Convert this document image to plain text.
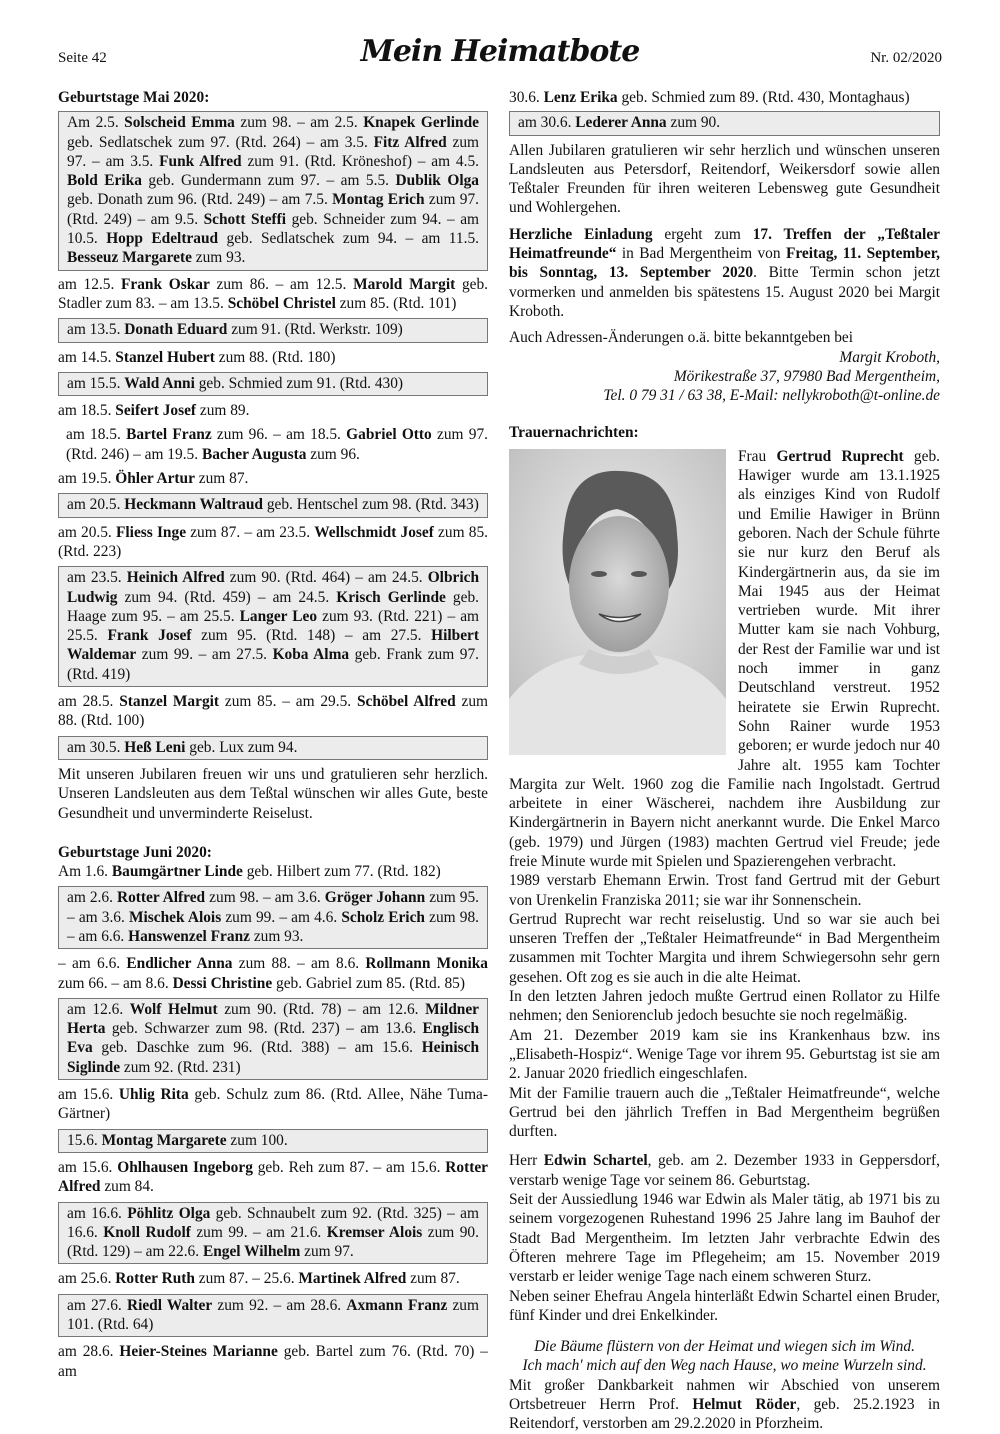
Seite 42	Mein Heimatbote	Nr. 02/2020

Geburtstage Mai 2020:

Am 2.5. Solscheid Emma zum 98. – am 2.5. Knapek Gerlinde geb. Sedlatschek zum 97. (Rtd. 264) – am 3.5. Fitz Alfred zum 97. – am 3.5. Funk Alfred zum 91. (Rtd. Kröneshof) – am 4.5. Bold Erika geb. Gundermann zum 97. – am 5.5. Dublik Olga geb. Donath zum 96. (Rtd. 249) – am 7.5. Montag Erich zum 97. (Rtd. 249) – am 9.5. Schott Steffi geb. Schneider zum 94. – am 10.5. Hopp Edeltraud geb. Sedlatschek zum 94. – am 11.5. Besseuz Margarete zum 93.

am 12.5. Frank Oskar zum 86. – am 12.5. Marold Margit geb. Stadler zum 83. – am 13.5. Schöbel Christel zum 85. (Rtd. 101)

am 13.5. Donath Eduard zum 91. (Rtd. Werkstr. 109)

am 14.5. Stanzel Hubert zum 88. (Rtd. 180)

am 15.5. Wald Anni geb. Schmied zum 91. (Rtd. 430)

am 18.5. Seifert Josef zum 89.

am 18.5. Bartel Franz zum 96. – am 18.5. Gabriel Otto zum 97. (Rtd. 246) – am 19.5. Bacher Augusta zum 96.

am 19.5. Öhler Artur zum 87.

am 20.5. Heckmann Waltraud geb. Hentschel zum 98. (Rtd. 343)

am 20.5. Fliess Inge zum 87. – am 23.5. Wellschmidt Josef zum 85. (Rtd. 223)

am 23.5. Heinich Alfred zum 90. (Rtd. 464) – am 24.5. Olbrich Ludwig zum 94. (Rtd. 459) – am 24.5. Krisch Gerlinde geb. Haage zum 95. – am 25.5. Langer Leo zum 93. (Rtd. 221) – am 25.5. Frank Josef zum 95. (Rtd. 148) – am 27.5. Hilbert Waldemar zum 99. – am 27.5. Koba Alma geb. Frank zum 97. (Rtd. 419)

am 28.5. Stanzel Margit zum 85. – am 29.5. Schöbel Alfred zum 88. (Rtd. 100)

am 30.5. Heß Leni geb. Lux zum 94.

Mit unseren Jubilaren freuen wir uns und gratulieren sehr herzlich. Unseren Landsleuten aus dem Teßtal wünschen wir alles Gute, beste Gesundheit und unverminderte Reiselust.

Geburtstage Juni 2020:

Am 1.6. Baumgärtner Linde geb. Hilbert zum 77. (Rtd. 182)

am 2.6. Rotter Alfred zum 98. – am 3.6. Gröger Johann zum 95. – am 3.6. Mischek Alois zum 99. – am 4.6. Scholz Erich zum 98. – am 6.6. Hanswenzel Franz zum 93.

– am 6.6. Endlicher Anna zum 88. – am 8.6. Rollmann Monika zum 66. – am 8.6. Dessi Christine geb. Gabriel zum 85. (Rtd. 85)

am 12.6. Wolf Helmut zum 90. (Rtd. 78) – am 12.6. Mildner Herta geb. Schwarzer zum 98. (Rtd. 237) – am 13.6. Englisch Eva geb. Daschke zum 96. (Rtd. 388) – am 15.6. Heinisch Siglinde zum 92. (Rtd. 231)

am 15.6. Uhlig Rita geb. Schulz zum 86. (Rtd. Allee, Nähe Tuma-Gärtner)

15.6. Montag Margarete zum 100.

am 15.6. Ohlhausen Ingeborg geb. Reh zum 87. – am 15.6. Rotter Alfred zum 84.

am 16.6. Pöhlitz Olga geb. Schnaubelt zum 92. (Rtd. 325) – am 16.6. Knoll Rudolf zum 99. – am 21.6. Kremser Alois zum 90. (Rtd. 129) – am 22.6. Engel Wilhelm zum 97.

am 25.6. Rotter Ruth zum 87. – 25.6. Martinek Alfred zum 87.

am 27.6. Riedl Walter zum 92. – am 28.6. Axmann Franz zum 101. (Rtd. 64)

am 28.6. Heier-Steines Marianne geb. Bartel zum 76. (Rtd. 70) – am

30.6. Lenz Erika geb. Schmied zum 89. (Rtd. 430, Montaghaus)

am 30.6. Lederer Anna zum 90.

Allen Jubilaren gratulieren wir sehr herzlich und wünschen unseren Landsleuten aus Petersdorf, Reitendorf, Weikersdorf sowie allen Teßtaler Freunden für ihren weiteren Lebensweg gute Gesundheit und Wohlergehen.

Herzliche Einladung ergeht zum 17. Treffen der „Teßtaler Heimatfreunde“ in Bad Mergentheim von Freitag, 11. September, bis Sonntag, 13. September 2020. Bitte Termin schon jetzt vormerken und anmelden bis spätestens 15. August 2020 bei Margit Kroboth.

Auch Adressen-Änderungen o.ä. bitte bekanntgeben bei

Margit Kroboth,

Mörikestraße 37, 97980 Bad Mergentheim,

Tel. 0 79 31 / 63 38, E-Mail: nellykroboth@t-online.de

Trauernachrichten:

Frau Gertrud Ruprecht geb. Hawiger wurde am 13.1.1925 als einziges Kind von Rudolf und Emilie Hawiger in Brünn geboren. Nach der Schule führte sie nur kurz den Beruf als Kindergärtnerin aus, da sie im Mai 1945 aus der Heimat vertrieben wurde. Mit ihrer Mutter kam sie nach Vohburg, der Rest der Familie war und ist noch immer in ganz Deutschland verstreut. 1952 heiratete sie Erwin Ruprecht. Sohn Rainer wurde 1953 geboren; er wurde jedoch nur 40 Jahre alt. 1955 kam Tochter Margita zur Welt. 1960 zog die Familie nach Ingolstadt. Gertrud arbeitete in einer Wäscherei, nachdem ihre Ausbildung zur Kindergärtnerin in Bayern nicht anerkannt wurde. Die Enkel Marco (geb. 1979) und Jürgen (1983) machten Gertrud viel Freude; jede freie Minute wurde mit Spielen und Spazierengehen verbracht.

1989 verstarb Ehemann Erwin. Trost fand Gertrud mit der Geburt von Urenkelin Franziska 2011; sie war ihr Sonnenschein.

Gertrud Ruprecht war recht reiselustig. Und so war sie auch bei unseren Treffen der „Teßtaler Heimatfreunde“ in Bad Mergentheim zusammen mit Tochter Margita und ihrem Schwiegersohn sehr gern gesehen. Oft zog es sie auch in die alte Heimat.

In den letzten Jahren jedoch mußte Gertrud einen Rollator zu Hilfe nehmen; den Seniorenclub jedoch besuchte sie noch regelmäßig.

Am 21. Dezember 2019 kam sie ins Krankenhaus bzw. ins „Elisabeth-Hospiz“. Wenige Tage vor ihrem 95. Geburtstag ist sie am 2. Januar 2020 friedlich eingeschlafen.

Mit der Familie trauern auch die „Teßtaler Heimatfreunde“, welche Gertrud bei den jährlich Treffen in Bad Mergentheim begrüßen durften.

Herr Edwin Schartel, geb. am 2. Dezember 1933 in Geppersdorf, verstarb wenige Tage vor seinem 86. Geburtstag.

Seit der Aussiedlung 1946 war Edwin als Maler tätig, ab 1971 bis zu seinem vorgezogenen Ruhestand 1996 25 Jahre lang im Bauhof der Stadt Bad Mergentheim. Im letzten Jahr verbrachte Edwin des Öfteren mehrere Tage im Pflegeheim; am 15. November 2019 verstarb er leider wenige Tage nach einem schweren Sturz.

Neben seiner Ehefrau Angela hinterläßt Edwin Schartel einen Bruder, fünf Kinder und drei Enkelkinder.

Die Bäume flüstern von der Heimat und wiegen sich im Wind.

Ich mach' mich auf den Weg nach Hause, wo meine Wurzeln sind.

Mit großer Dankbarkeit nahmen wir Abschied von unserem Ortsbetreuer Herrn Prof. Helmut Röder, geb. 25.2.1923 in Reitendorf, verstorben am 29.2.2020 in Pforzheim.
